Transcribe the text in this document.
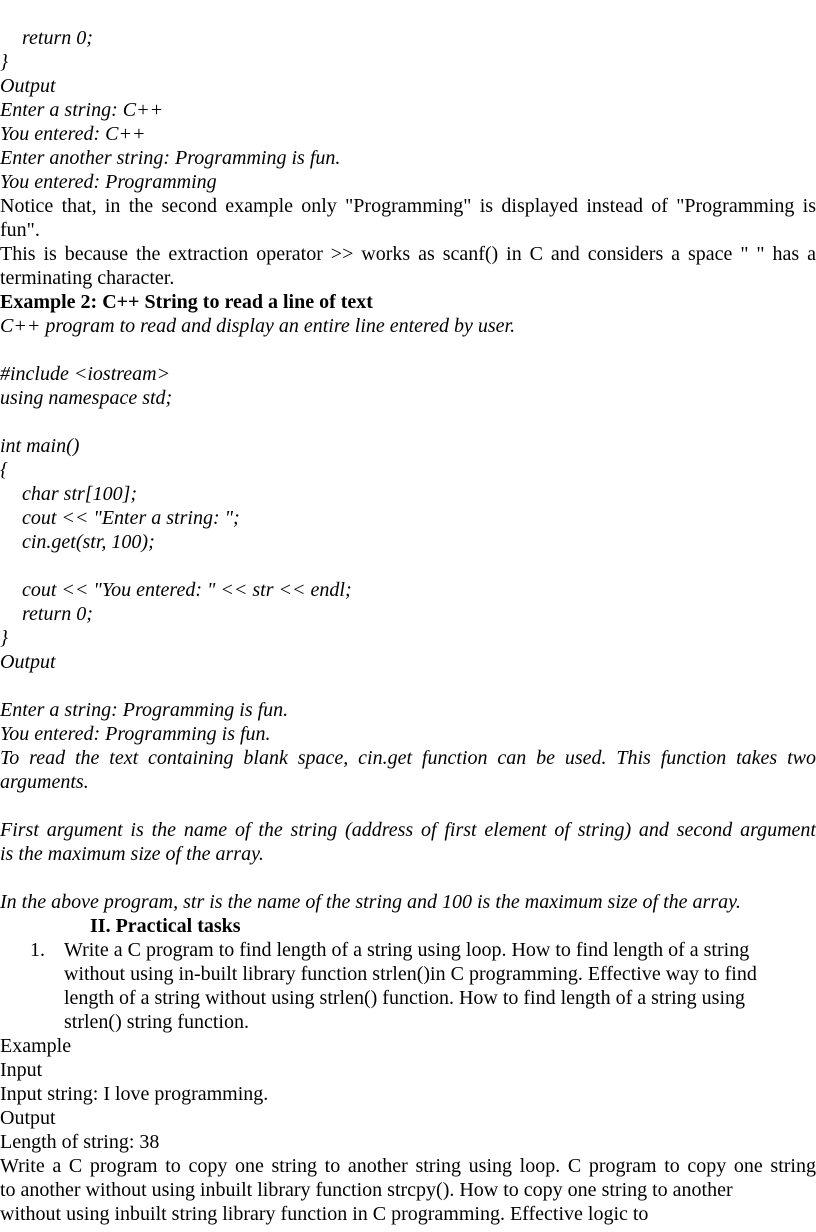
return 0;
}
Output
Enter a string: C++
You entered: C++
Enter another string: Programming is fun.
You entered: Programming
Notice that, in the second example only "Programming" is displayed instead of "Programming is
fun".
This is because the extraction operator >> works as scanf() in C and considers a space " " has a
terminating character.
Example 2: C++ String to read a line of text
C++ program to read and display an entire line entered by user.
#include <iostream>
using namespace std;
int main()
{
char str[100];
cout << "Enter a string: ";
cin.get(str, 100);
cout << "You entered: " << str << endl;
return 0;
}
Output
Enter a string: Programming is fun.
You entered: Programming is fun.
To read the text containing blank space, cin.get function can be used. This function takes two
arguments.
First argument is the name of the string (address of first element of string) and second argument
is the maximum size of the array.
In the above program, str is the name of the string and 100 is the maximum size of the array.
II. Practical tasks
1. Write a C program to find length of a string using loop. How to find length of a string
without using in-built library function strlen()in C programming. Effective way to find
length of a string without using strlen() function. How to find length of a string using
strlen() string function.
Example
Input
Input string: I love programming.
Output
Length of string: 38
Write a C program to copy one string to another string using loop. C program to copy one string
to another without using inbuilt library function strcpy(). How to copy one string to another
without using inbuilt string library function in C programming. Effective logic to
